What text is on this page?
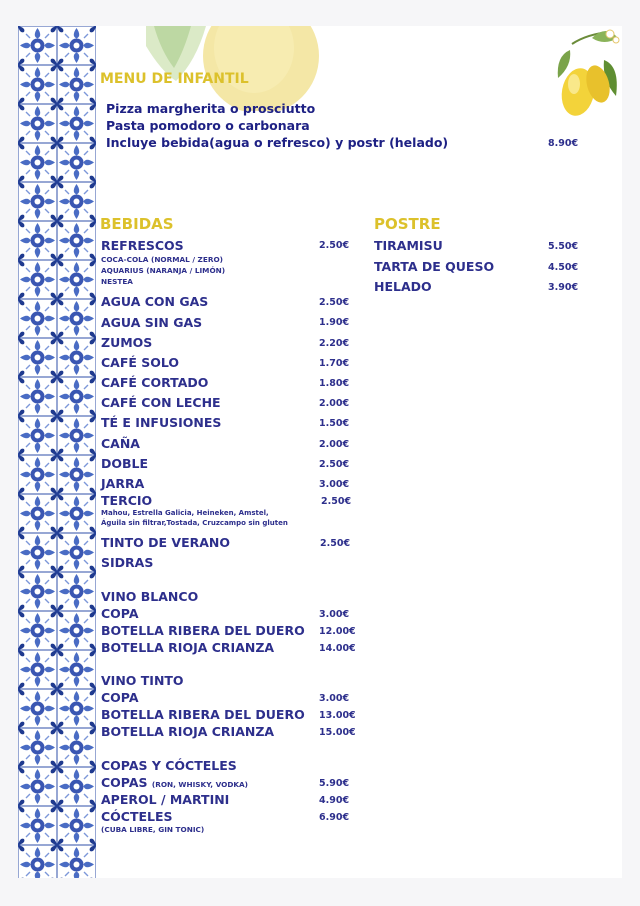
MENU DE INFANTIL
Pizza margherita o prosciutto
Pasta pomodoro o carbonara
Incluye bebida(agua o refresco) y postr (helado)	8.90€
BEBIDAS
REFRESCOS	2.50€
COCA-COLA (NORMAL / ZERO)
AQUARIUS (NARANJA / LIMÓN)
NESTEA
AGUA CON GAS	2.50€
AGUA SIN GAS	1.90€
ZUMOS	2.20€
CAFÉ SOLO	1.70€
CAFÉ CORTADO	1.80€
CAFÉ CON LECHE	2.00€
TÉ E INFUSIONES	1.50€
CAÑA	2.00€
DOBLE	2.50€
JARRA	3.00€
TERCIO	2.50€
Mahou, Estrella Galicia, Heineken, Amstel,
Águila sin filtrar,Tostada, Cruzcampo sin gluten
TINTO DE VERANO	2.50€
SIDRAS
VINO BLANCO
COPA	3.00€
BOTELLA RIBERA DEL DUERO 12.00€
BOTELLA RIOJA CRIANZA	14.00€
VINO TINTO
COPA	3.00€
BOTELLA RIBERA DEL DUERO 13.00€
BOTELLA RIOJA CRIANZA	15.00€
COPAS Y CÓCTELES
COPAS (RON, WHISKY, VODKA)	5.90€
APEROL / MARTINI	4.90€
CÓCTELES	6.90€
(CUBA LIBRE, GIN TONIC)
POSTRE
TIRAMISU	5.50€
TARTA DE QUESO	4.50€
HELADO	3.90€
